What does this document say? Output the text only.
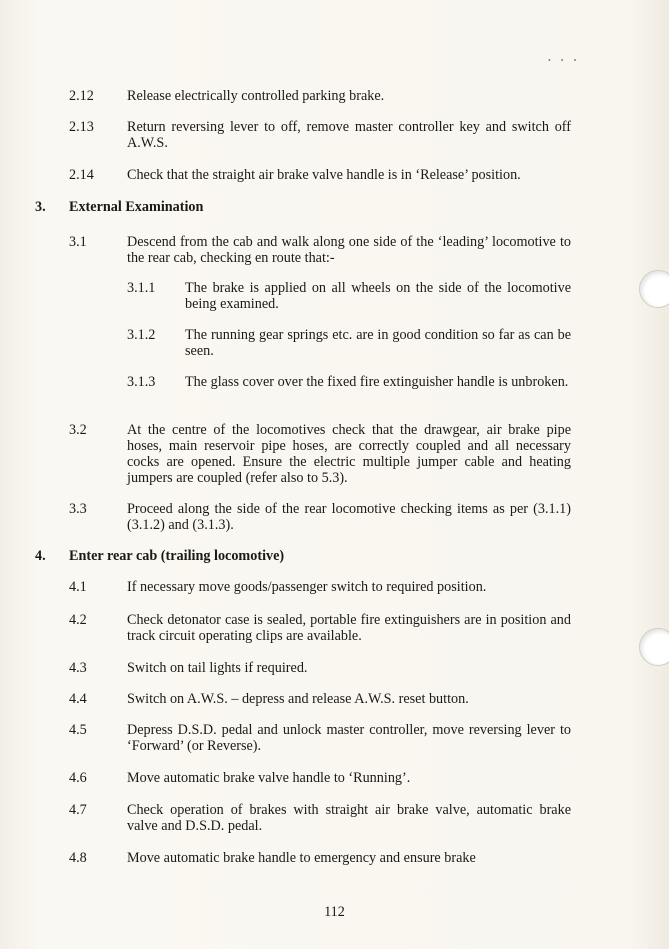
•••
2.12 Release electrically controlled parking brake.
2.13 Return reversing lever to off, remove master controller key and switch off A.W.S.
2.14 Check that the straight air brake valve handle is in ‘Release’ position.
3. External Examination
3.1	Descend from the cab and walk along one side of the ‘leading’ locomotive to the rear cab, checking en route that:-
3.1.1 The brake is applied on all wheels on the side of the locomotive being examined.
3.1.2 The running gear springs etc. are in good condition so far as can be seen.
3.1.3 The glass cover over the fixed fire extinguisher handle is unbroken.
3.2	At the centre of the locomotives check that the drawgear, air brake pipe hoses, main reservoir pipe hoses, are correctly coupled and all necessary cocks are opened. Ensure the electric multiple jumper cable and heating jumpers are coupled (refer also to 5.3).
3.3	Proceed along the side of the rear locomotive checking items as per (3.1.1) (3.1.2) and (3.1.3).
4. Enter rear cab (trailing locomotive)
4.1	If necessary move goods/passenger switch to required position.
4.2	Check detonator case is sealed, portable fire extinguishers are in position and track circuit operating clips are available.
4.3	Switch on tail lights if required.
4.4	Switch on A.W.S. – depress and release A.W.S. reset button.
4.5	Depress D.S.D. pedal and unlock master controller, move reversing lever to ‘Forward’ (or Reverse).
4.6	Move automatic brake valve handle to ‘Running’.
4.7	Check operation of brakes with straight air brake valve, automatic brake valve and D.S.D. pedal.
4.8	Move automatic brake handle to emergency and ensure brake
112
